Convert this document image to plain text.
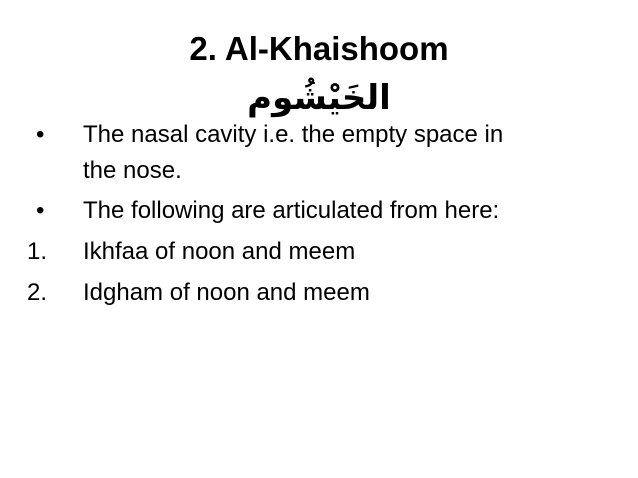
2. Al-Khaishoom
الخَيْشُوم
• The nasal cavity i.e. the empty space in
the nose.
• The following are articulated from here:
1. Ikhfaa of noon and meem
2. Idgham of noon and meem
